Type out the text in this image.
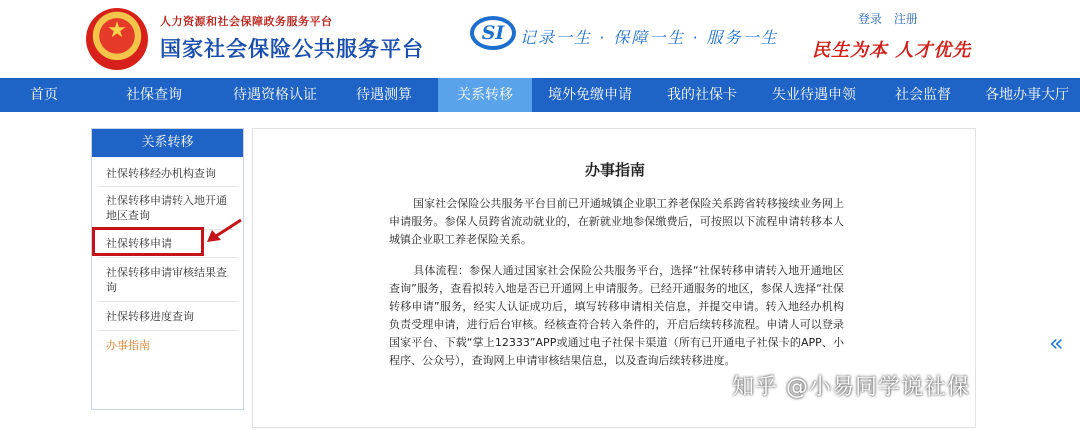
★	人力资源和社会保障政务服务平台
国家社会保险公共服务平台
SI 记录一生 · 保障一生 · 服务一生
民生为本 人才优先
登录 注册
首页	社保查询	待遇资格认证	待遇测算	关系转移	境外免缴申请	我的社保卡	失业待遇申领	社会监督	各地办事大厅
关系转移
社保转移经办机构查询
社保转移申请转入地开通地区查询
社保转移申请
社保转移申请审核结果查询
社保转移进度查询
办事指南
办事指南
国家社会保险公共服务平台目前已开通城镇企业职工养老保险关系跨省转移接续业务网上申请服务。参保人员跨省流动就业的，在新就业地参保缴费后，可按照以下流程申请转移本人城镇企业职工养老保险关系。
具体流程：参保人通过国家社会保险公共服务平台，选择“社保转移申请转入地开通地区查询”服务，查看拟转入地是否已开通网上申请服务。已经开通服务的地区，参保人选择“社保转移申请”服务，经实人认证成功后，填写转移申请相关信息，并提交申请。转入地经办机构负责受理申请，进行后台审核。经核查符合转入条件的，开启后续转移流程。申请人可以登录国家平台、下载“掌上12333”APP或通过电子社保卡渠道（所有已开通电子社保卡的APP、小程序、公众号），查询网上申请审核结果信息，以及查询后续转移进度。
«
知乎 @小易同学说社保
